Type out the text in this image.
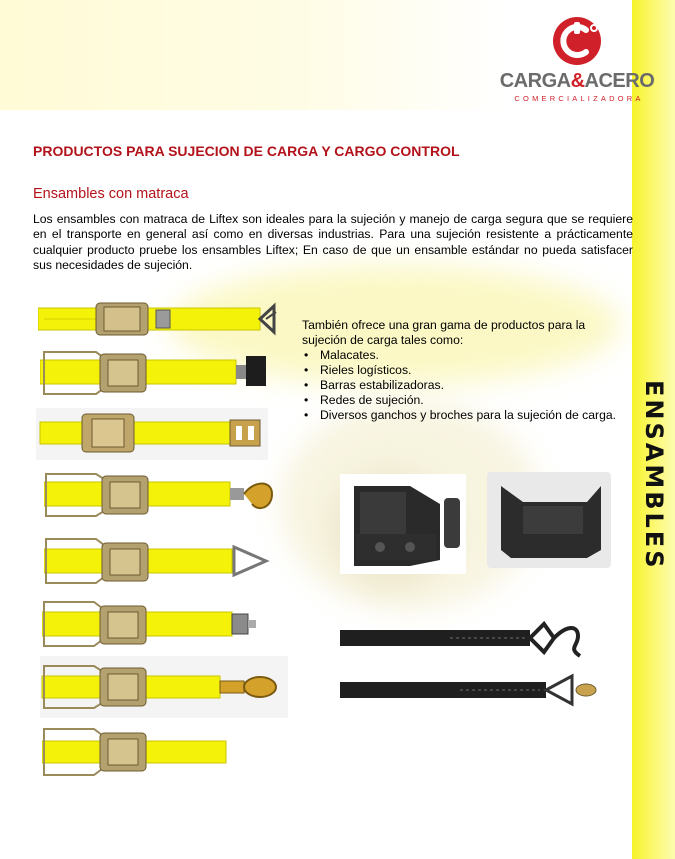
ENSAMBLES
CARGA&ACERO
COMERCIALIZADORA
PRODUCTOS PARA SUJECION DE CARGA Y CARGO CONTROL
Ensambles con matraca

Los ensambles con matraca de Liftex son ideales para la sujeción y manejo de carga segura que se requiere en el transporte en general así como en diversas industrias. Para una sujeción resistente a prácticamente cualquier producto pruebe los ensambles Liftex; En caso de que un ensamble estándar no pueda satisfacer sus necesidades de sujeción.

También ofrece una gran gama de productos para la sujeción de carga tales como:

• Malacates.
• Rieles logísticos.
• Barras estabilizadoras.
• Redes de sujeción.
• Diversos ganchos y broches para la sujeción de carga.
